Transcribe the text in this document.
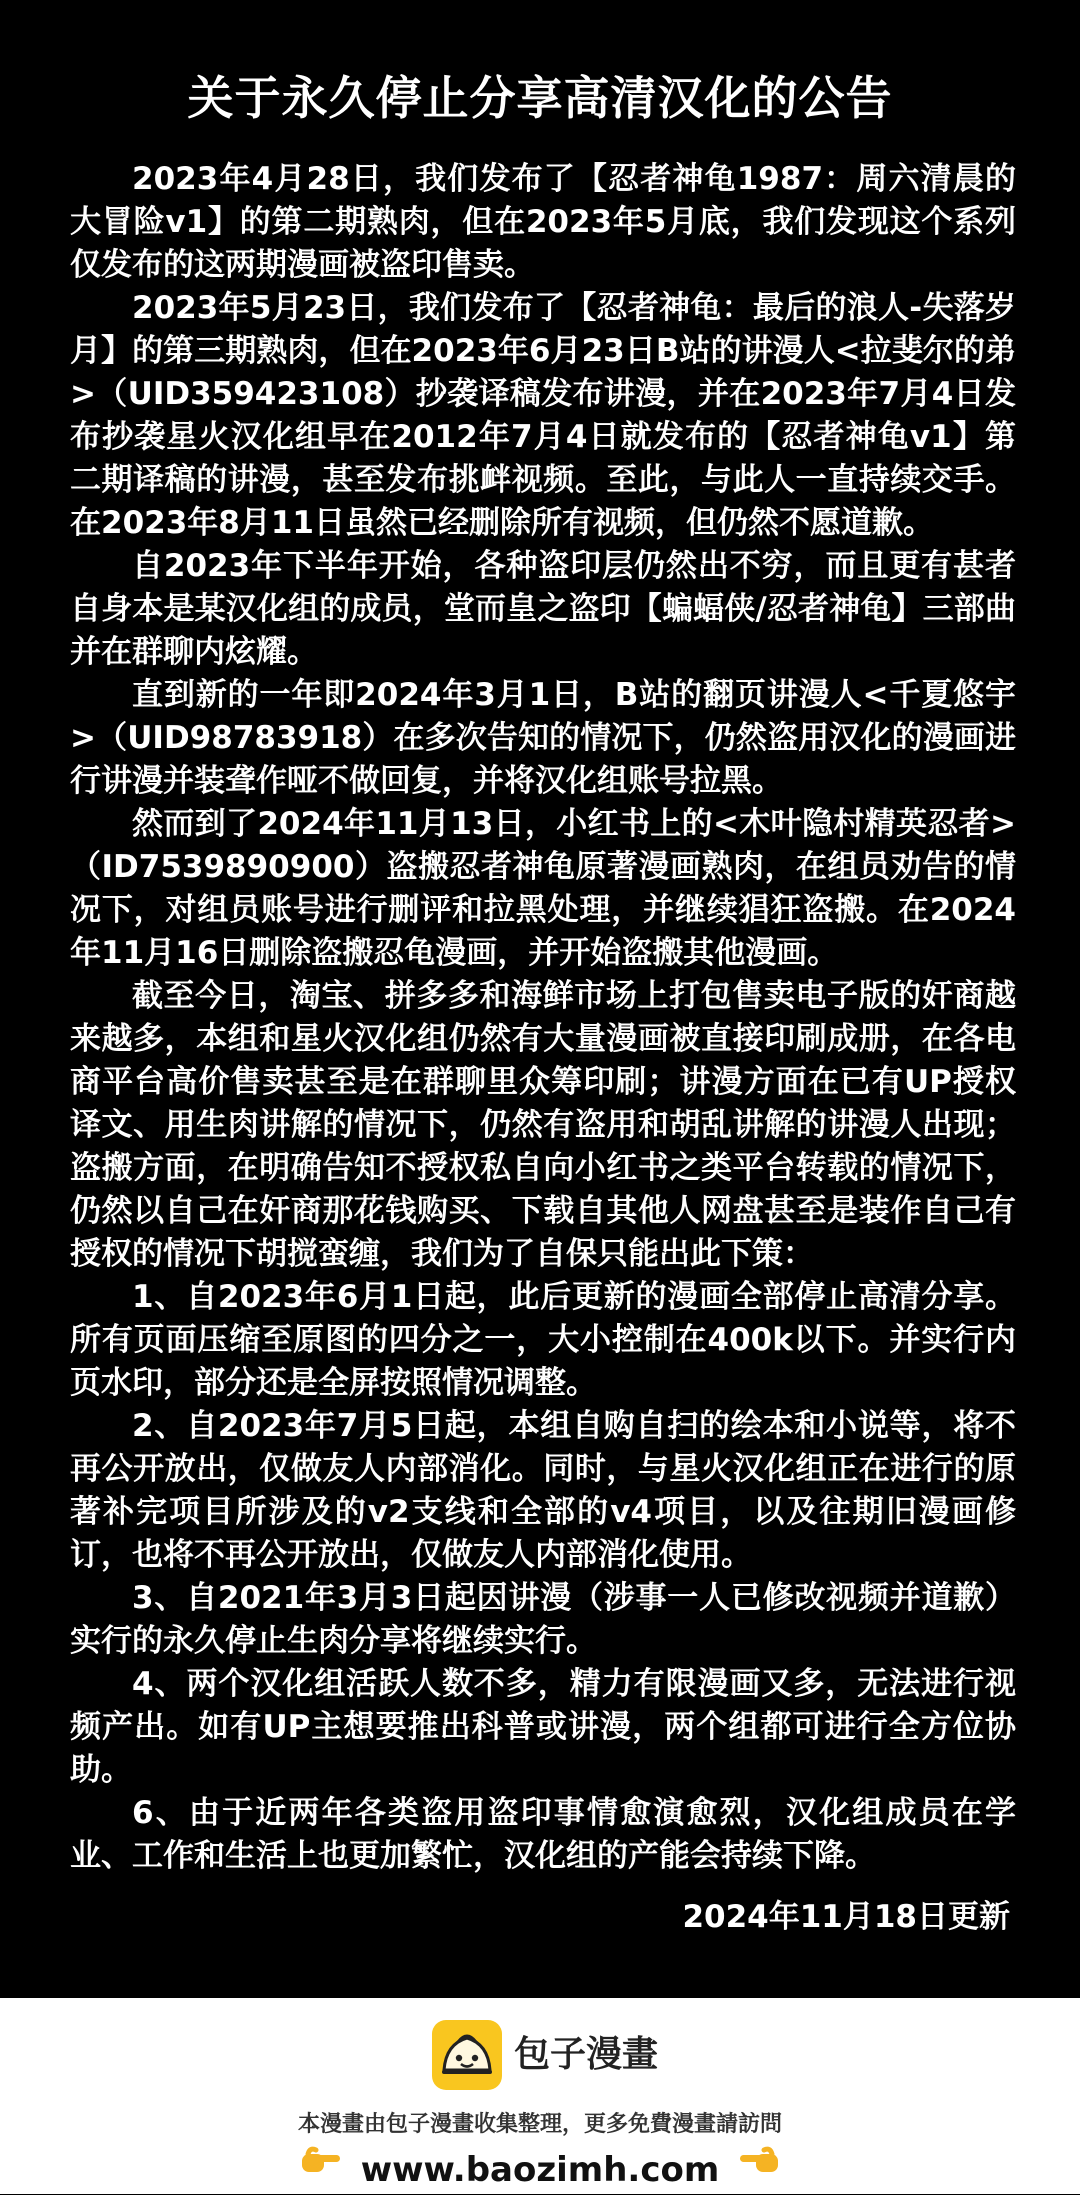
关于永久停止分享高清汉化的公告

2023年4月28日，我们发布了【忍者神龟1987：周六清晨的大冒险v1】的第二期熟肉，但在2023年5月底，我们发现这个系列仅发布的这两期漫画被盗印售卖。

2023年5月23日，我们发布了【忍者神龟：最后的浪人-失落岁月】的第三期熟肉，但在2023年6月23日B站的讲漫人<拉斐尔的弟>（UID359423108）抄袭译稿发布讲漫，并在2023年7月4日发布抄袭星火汉化组早在2012年7月4日就发布的【忍者神龟v1】第二期译稿的讲漫，甚至发布挑衅视频。至此，与此人一直持续交手。在2023年8月11日虽然已经删除所有视频，但仍然不愿道歉。

自2023年下半年开始，各种盗印层仍然出不穷，而且更有甚者自身本是某汉化组的成员，堂而皇之盗印【蝙蝠侠/忍者神龟】三部曲并在群聊内炫耀。

直到新的一年即2024年3月1日，B站的翻页讲漫人<千夏悠宇>（UID98783918）在多次告知的情况下，仍然盗用汉化的漫画进行讲漫并装聋作哑不做回复，并将汉化组账号拉黑。

然而到了2024年11月13日，小红书上的<木叶隐村精英忍者>（ID7539890900）盗搬忍者神龟原著漫画熟肉，在组员劝告的情况下，对组员账号进行删评和拉黑处理，并继续猖狂盗搬。在2024年11月16日删除盗搬忍龟漫画，并开始盗搬其他漫画。

截至今日，淘宝、拼多多和海鲜市场上打包售卖电子版的奸商越来越多，本组和星火汉化组仍然有大量漫画被直接印刷成册，在各电商平台高价售卖甚至是在群聊里众筹印刷；讲漫方面在已有UP授权译文、用生肉讲解的情况下，仍然有盗用和胡乱讲解的讲漫人出现；盗搬方面，在明确告知不授权私自向小红书之类平台转载的情况下，仍然以自己在奸商那花钱购买、下载自其他人网盘甚至是装作自己有授权的情况下胡搅蛮缠，我们为了自保只能出此下策：

1、自2023年6月1日起，此后更新的漫画全部停止高清分享。所有页面压缩至原图的四分之一，大小控制在400k以下。并实行内页水印，部分还是全屏按照情况调整。

2、自2023年7月5日起，本组自购自扫的绘本和小说等，将不再公开放出，仅做友人内部消化。同时，与星火汉化组正在进行的原著补完项目所涉及的v2支线和全部的v4项目，以及往期旧漫画修订，也将不再公开放出，仅做友人内部消化使用。

3、自2021年3月3日起因讲漫（涉事一人已修改视频并道歉）实行的永久停止生肉分享将继续实行。

4、两个汉化组活跃人数不多，精力有限漫画又多，无法进行视频产出。如有UP主想要推出科普或讲漫，两个组都可进行全方位协助。

6、由于近两年各类盗用盗印事情愈演愈烈，汉化组成员在学业、工作和生活上也更加繁忙，汉化组的产能会持续下降。

2024年11月18日更新
包子漫畫
本漫畫由包子漫畫收集整理，更多免費漫畫請訪問
www.baozimh.com
